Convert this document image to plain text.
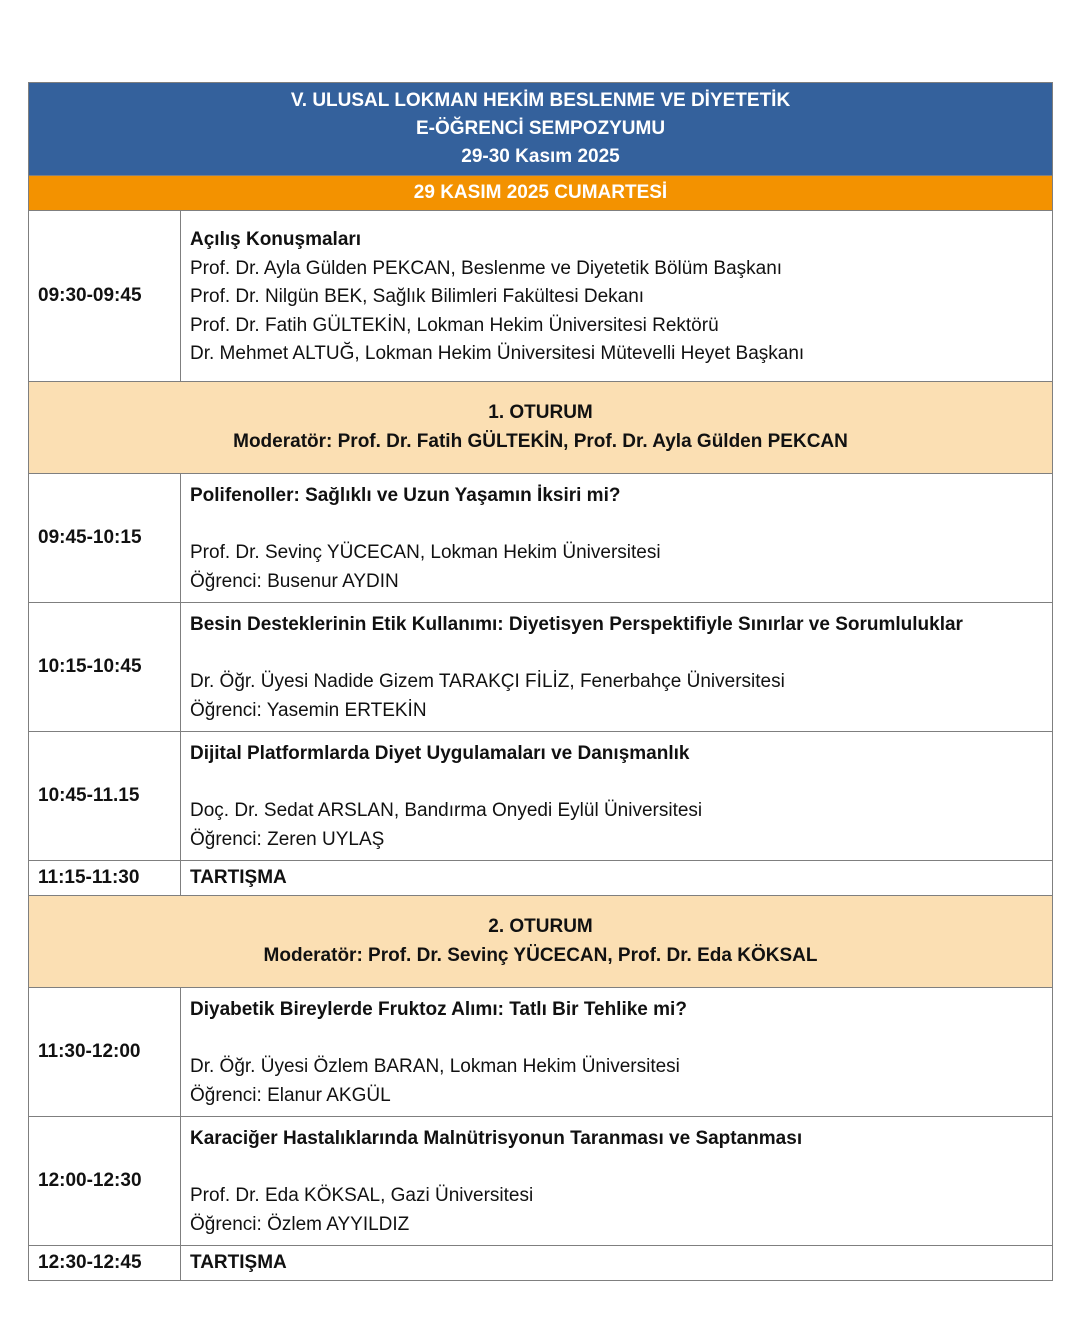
V. ULUSAL LOKMAN HEKİM BESLENME VE DİYETETİK
E-ÖĞRENCİ SEMPOZYUMU
29-30 Kasım 2025	

29 KASIM 2025 CUMARTESİ	
09:30-09:45	Açılış Konuşmaları
Prof. Dr. Ayla Gülden PEKCAN, Beslenme ve Diyetetik Bölüm Başkanı
Prof. Dr. Nilgün BEK, Sağlık Bilimleri Fakültesi Dekanı
Prof. Dr. Fatih GÜLTEKİN, Lokman Hekim Üniversitesi Rektörü
Dr. Mehmet ALTUĞ, Lokman Hekim Üniversitesi Mütevelli Heyet Başkanı

1. OTURUM
Moderatör: Prof. Dr. Fatih GÜLTEKİN, Prof. Dr. Ayla Gülden PEKCAN	

09:45-10:15	Polifenoller: Sağlıklı ve Uzun Yaşamın İksiri mi?
Prof. Dr. Sevinç YÜCECAN, Lokman Hekim Üniversitesi
Öğrenci: Busenur AYDIN

10:15-10:45	Besin Desteklerinin Etik Kullanımı: Diyetisyen Perspektifiyle Sınırlar ve Sorumluluklar
Dr. Öğr. Üyesi Nadide Gizem TARAKÇI FİLİZ, Fenerbahçe Üniversitesi
Öğrenci: Yasemin ERTEKİN

10:45-11.15	Dijital Platformlarda Diyet Uygulamaları ve Danışmanlık
Doç. Dr. Sedat ARSLAN, Bandırma Onyedi Eylül Üniversitesi
Öğrenci: Zeren UYLAŞ

11:15-11:30	TARTIŞMA

2. OTURUM
Moderatör: Prof. Dr. Sevinç YÜCECAN, Prof. Dr. Eda KÖKSAL	

11:30-12:00	Diyabetik Bireylerde Fruktoz Alımı: Tatlı Bir Tehlike mi?
Dr. Öğr. Üyesi Özlem BARAN, Lokman Hekim Üniversitesi
Öğrenci: Elanur AKGÜL

12:00-12:30	Karaciğer Hastalıklarında Malnütrisyonun Taranması ve Saptanması
Prof. Dr. Eda KÖKSAL, Gazi Üniversitesi
Öğrenci: Özlem AYYILDIZ

12:30-12:45	TARTIŞMA
